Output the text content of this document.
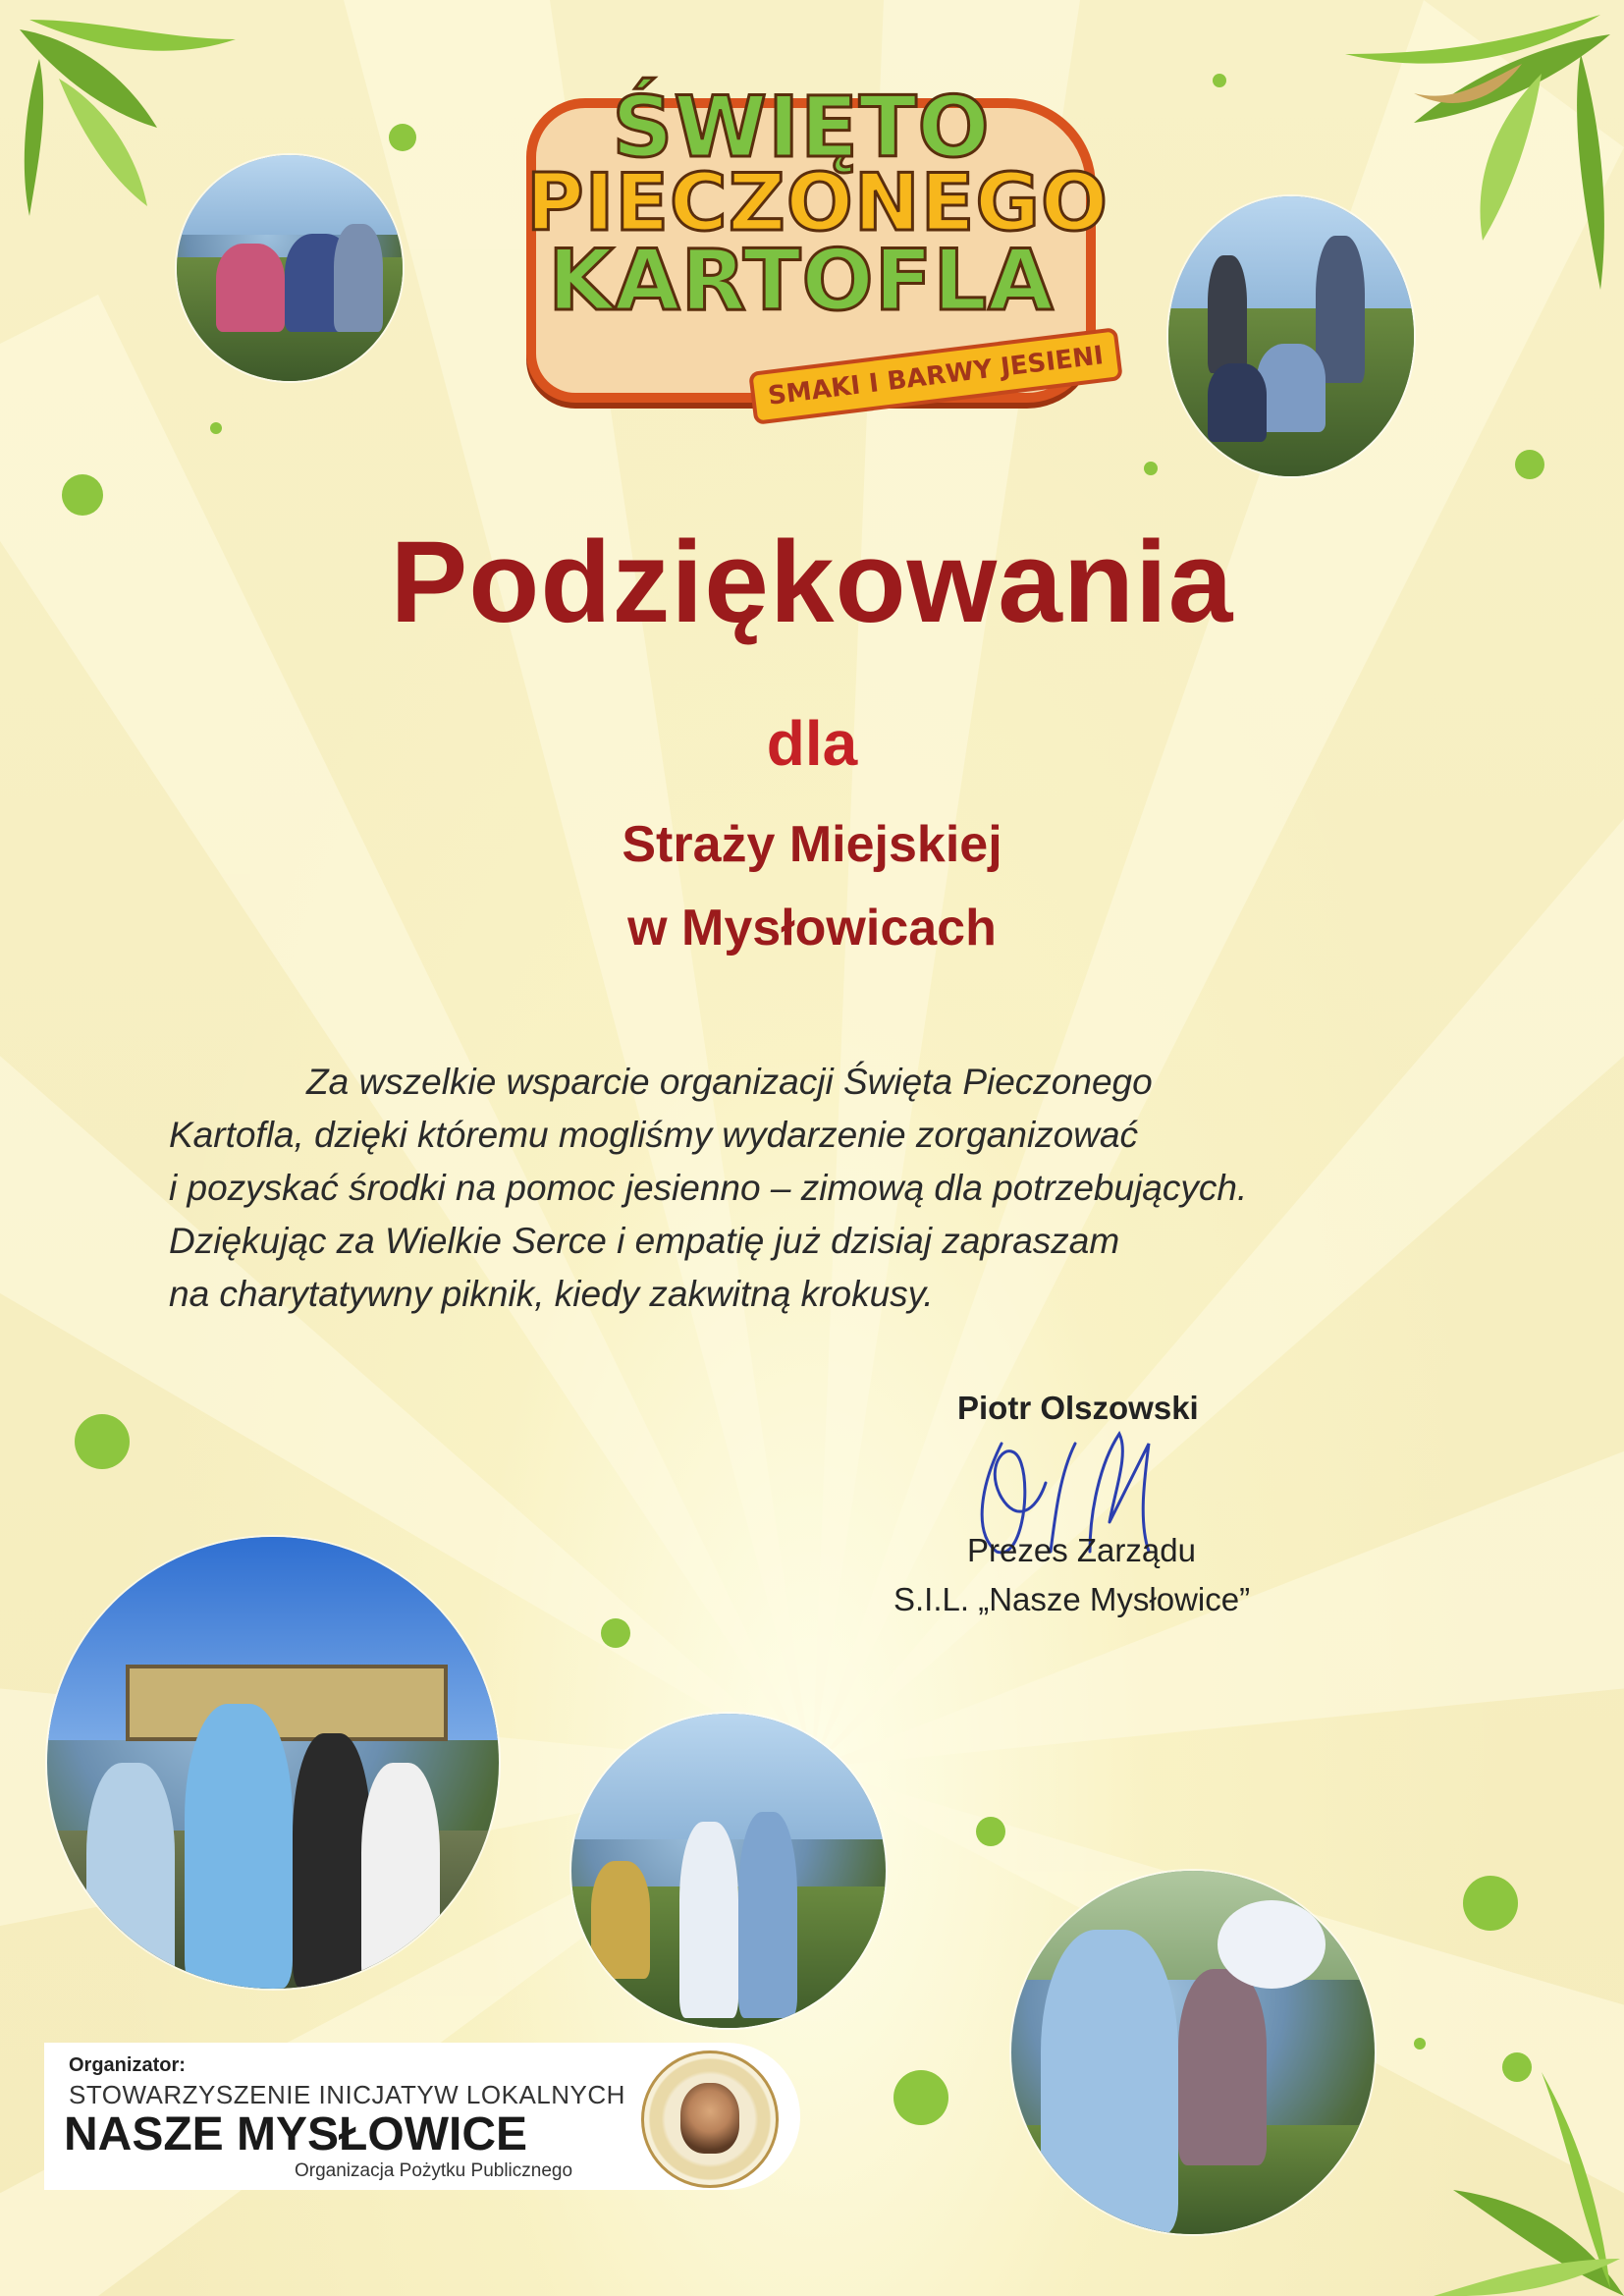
ŚWIĘTO
PIECZONEGO
KARTOFLA
SMAKI I BARWY JESIENI
Podziękowania
dla
Straży Miejskiej
w Mysłowicach

Za wszelkie wsparcie organizacji Święta Pieczonego

Kartofla, dzięki któremu mogliśmy wydarzenie zorganizować

i pozyskać środki na pomoc jesienno – zimową dla potrzebujących.

Dziękując za Wielkie Serce i empatię już dzisiaj zapraszam

na charytatywny piknik, kiedy zakwitną krokusy.

Piotr Olszowski
Prezes Zarządu
S.I.L. „Nasze Mysłowice”
Organizator:
STOWARZYSZENIE INICJATYW LOKALNYCH
NASZE MYSŁOWICE
Organizacja Pożytku Publicznego
